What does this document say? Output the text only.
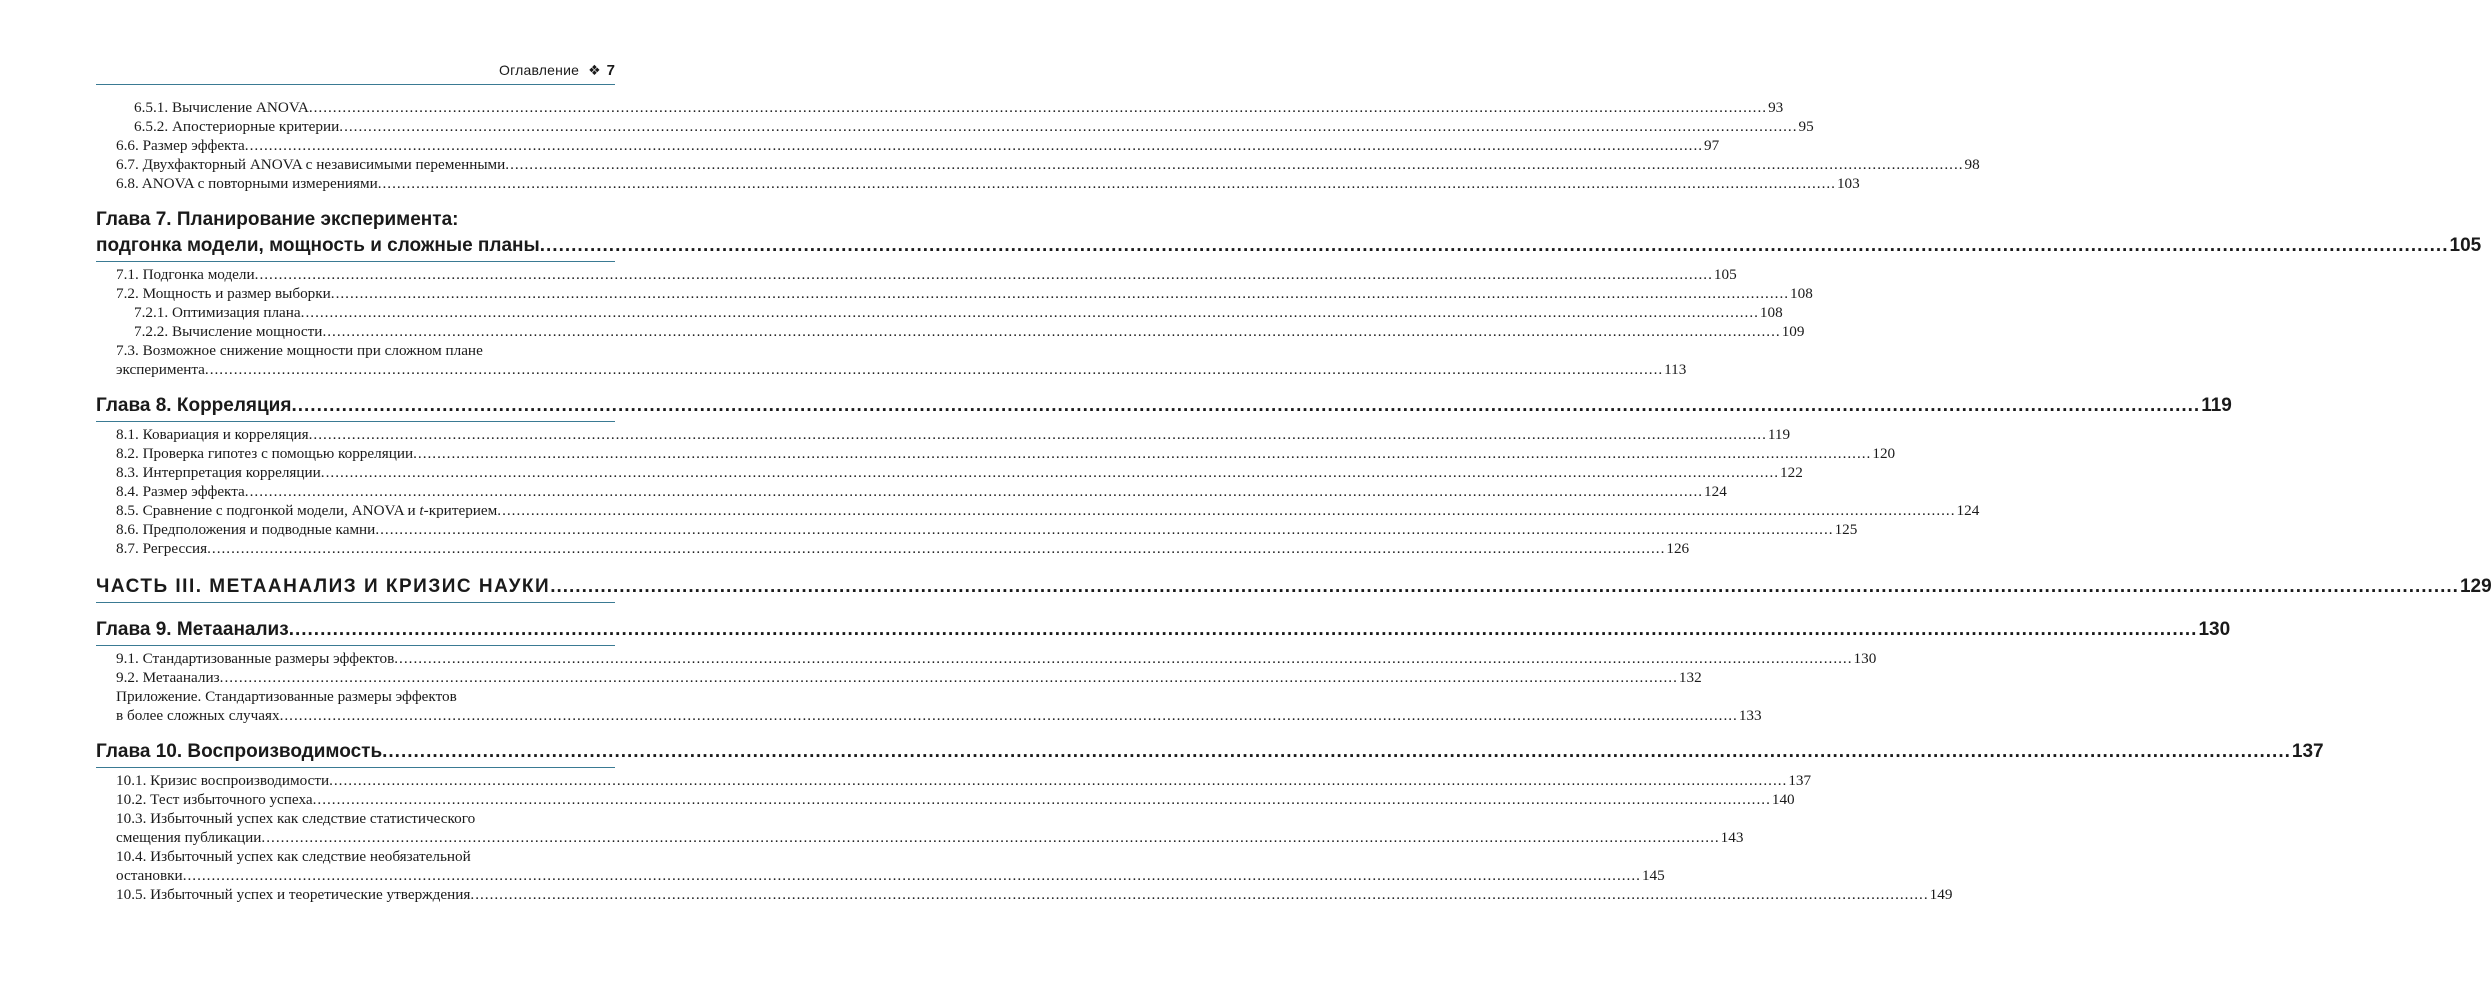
Оглавление ❖ 7
6.5.1. Вычисление ANOVA .....	93
6.5.2. Апостериорные критерии .....	95
6.6. Размер эффекта .....	97
6.7. Двухфакторный ANOVA с независимыми переменными .....	98
6.8. ANOVA с повторными измерениями .....	103
Глава 7. Планирование эксперимента:
подгонка модели, мощность и сложные планы .....	105
7.1. Подгонка модели .....	105
7.2. Мощность и размер выборки .....	108
7.2.1. Оптимизация плана .....	108
7.2.2. Вычисление мощности .....	109
7.3. Возможное снижение мощности при сложном плане
эксперимента .....	113
Глава 8. Корреляция .....	119
8.1. Ковариация и корреляция .....	119
8.2. Проверка гипотез с помощью корреляции .....	120
8.3. Интерпретация корреляции .....	122
8.4. Размер эффекта .....	124
8.5. Сравнение с подгонкой модели, ANOVA и t-критерием .....	124
8.6. Предположения и подводные камни .....	125
8.7. Регрессия .....	126
ЧАСТЬ III. МЕТААНАЛИЗ И КРИЗИС НАУКИ .....	129
Глава 9. Метаанализ .....	130
9.1. Стандартизованные размеры эффектов .....	130
9.2. Метаанализ .....	132
Приложение. Стандартизованные размеры эффектов
в более сложных случаях .....	133
Глава 10. Воспроизводимость .....	137
10.1. Кризис воспроизводимости .....	137
10.2. Тест избыточного успеха .....	140
10.3. Избыточный успех как следствие статистического
смещения публикации .....	143
10.4. Избыточный успех как следствие необязательной
остановки .....	145
10.5. Избыточный успех и теоретические утверждения .....	149
